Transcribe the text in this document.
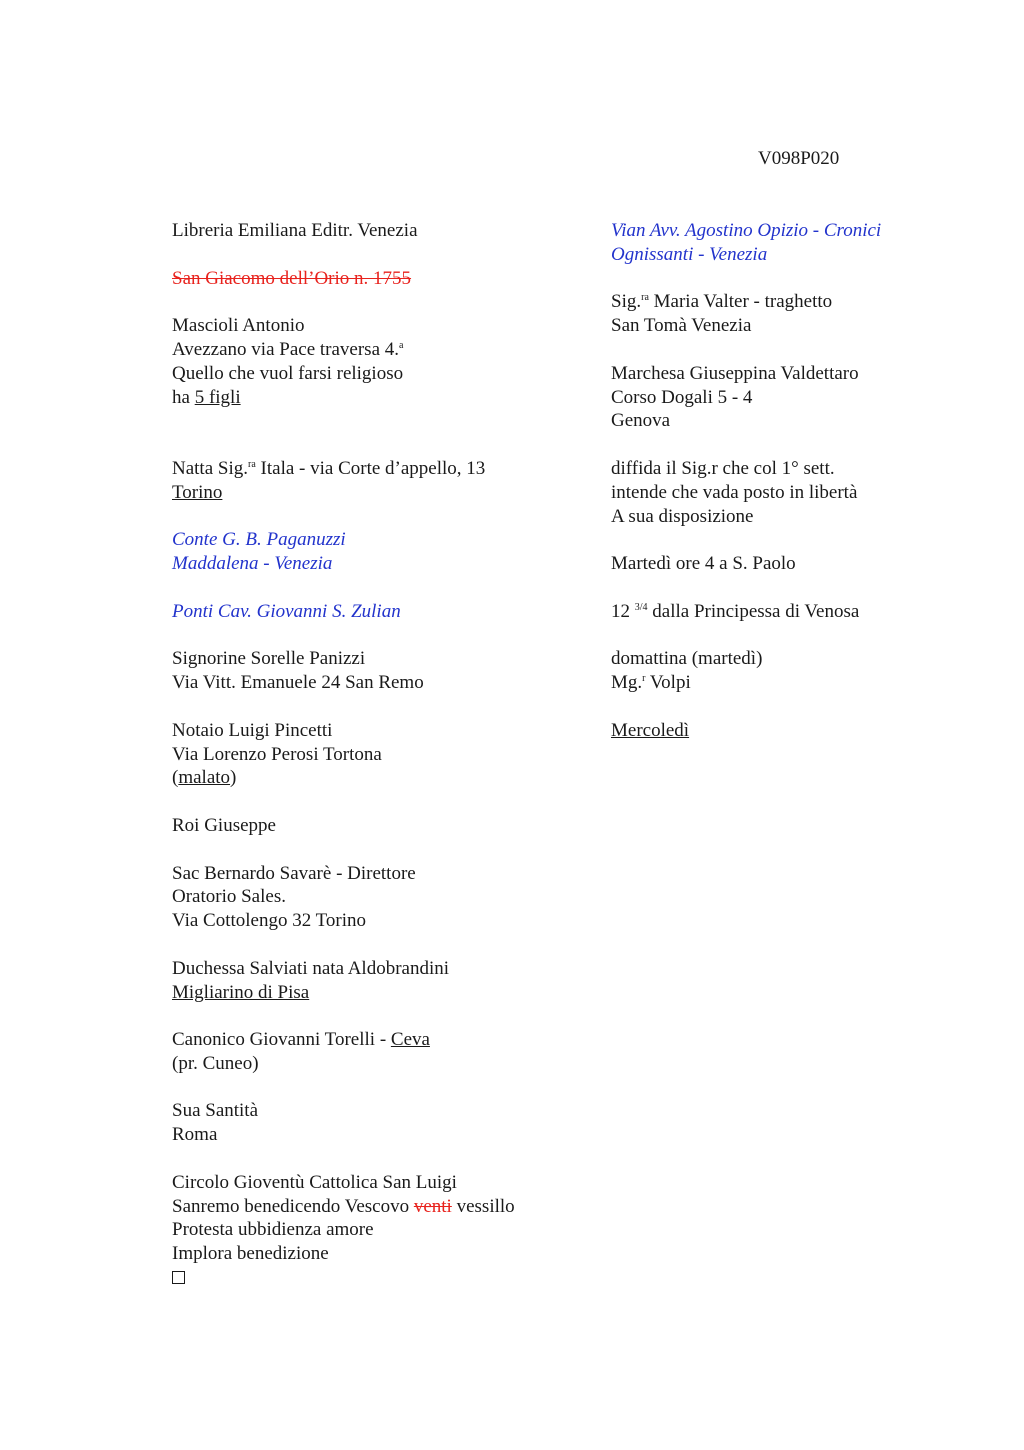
V098P020
Libreria Emiliana Editr. Venezia
San Giacomo dell’Orio n. 1755
Mascioli Antonio
Avezzano via Pace traversa 4.$^a$
Quello che vuol farsi religioso
ha 5 figli
Natta Sig.$^{ra}$ Itala - via Corte d’appello, 13
Torino
Conte G. B. Paganuzzi
Maddalena - Venezia
Ponti Cav. Giovanni S. Zulian
Signorine Sorelle Panizzi
Via Vitt. Emanuele 24 San Remo
Notaio Luigi Pincetti
Via Lorenzo Perosi Tortona
(malato)
Roi Giuseppe
Sac Bernardo Savarè - Direttore
Oratorio Sales.
Via Cottolengo 32 Torino
Duchessa Salviati nata Aldobrandini
Migliarino di Pisa
Canonico Giovanni Torelli - Ceva
(pr. Cuneo)
Sua Santità
Roma
Circolo Gioventù Cattolica San Luigi
Sanremo benedicendo Vescovo venti vessillo
Protesta ubbidienza amore
Implora benedizione
Vian Avv. Agostino Opizio - Cronici
Ognissanti - Venezia
Sig.$^{ra}$ Maria Valter - traghetto
San Tomà Venezia
Marchesa Giuseppina Valdettaro
Corso Dogali 5 - 4
Genova
diffida il Sig.r che col 1° sett.
intende che vada posto in libertà
A sua disposizione
Martedì ore 4 a S. Paolo
12 $^{3/4}$ dalla Principessa di Venosa
domattina (martedì)
Mg.$^r$ Volpi
Mercoledì
